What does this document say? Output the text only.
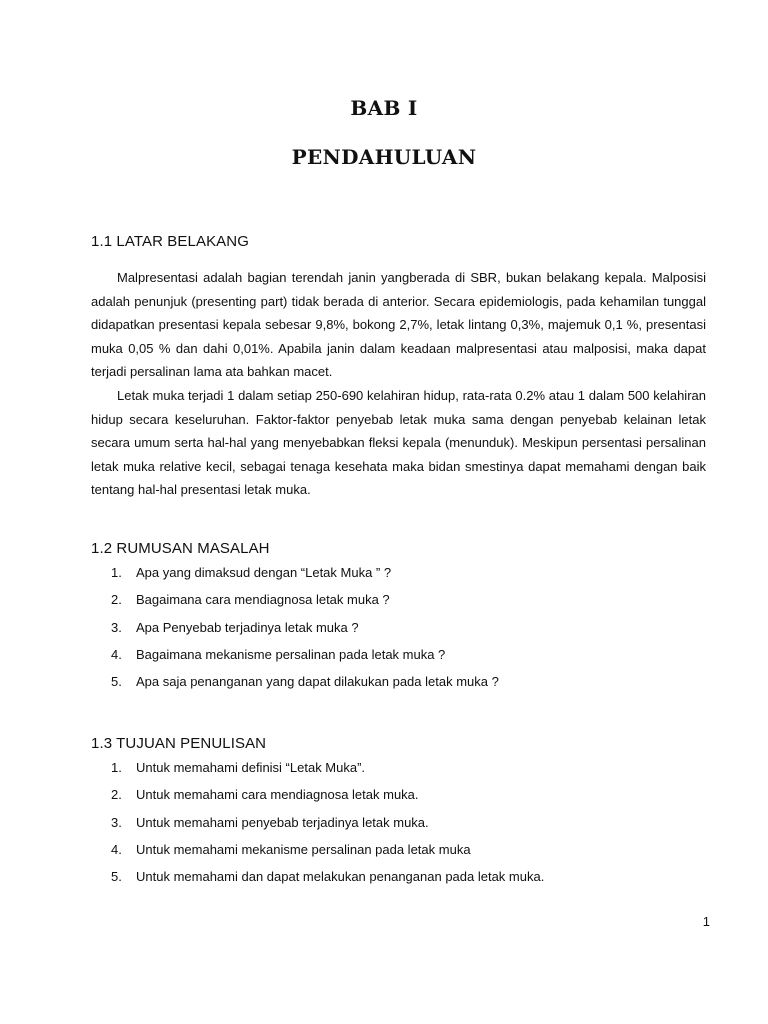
BAB I
PENDAHULUAN
1.1 LATAR BELAKANG

Malpresentasi adalah bagian terendah janin yangberada di SBR, bukan belakang kepala. Malposisi adalah penunjuk (presenting part) tidak berada di anterior. Secara epidemiologis, pada kehamilan tunggal didapatkan presentasi kepala sebesar 9,8%, bokong 2,7%, letak lintang 0,3%, majemuk 0,1 %, presentasi muka 0,05 % dan dahi 0,01%. Apabila janin dalam keadaan malpresentasi atau malposisi, maka dapat terjadi persalinan lama ata bahkan macet.

Letak muka terjadi 1 dalam setiap 250-690 kelahiran hidup, rata-rata 0.2% atau 1 dalam 500 kelahiran hidup secara keseluruhan. Faktor-faktor penyebab letak muka sama dengan penyebab kelainan letak secara umum serta hal-hal yang menyebabkan fleksi kepala (menunduk). Meskipun persentasi persalinan letak muka relative kecil, sebagai tenaga kesehata maka bidan smestinya dapat memahami dengan baik tentang hal-hal presentasi letak muka.

1.2 RUMUSAN MASALAH
1. Apa yang dimaksud dengan “Letak Muka ” ?
2. Bagaimana cara mendiagnosa letak muka ?
3. Apa Penyebab terjadinya letak muka ?
4. Bagaimana mekanisme persalinan pada letak muka ?
5. Apa saja penanganan yang dapat dilakukan pada letak muka ?
1.3 TUJUAN PENULISAN
1. Untuk memahami definisi “Letak Muka”.
2. Untuk memahami cara mendiagnosa letak muka.
3. Untuk memahami penyebab terjadinya letak muka.
4. Untuk memahami mekanisme persalinan pada letak muka
5. Untuk memahami dan dapat melakukan penanganan pada letak muka.
1
